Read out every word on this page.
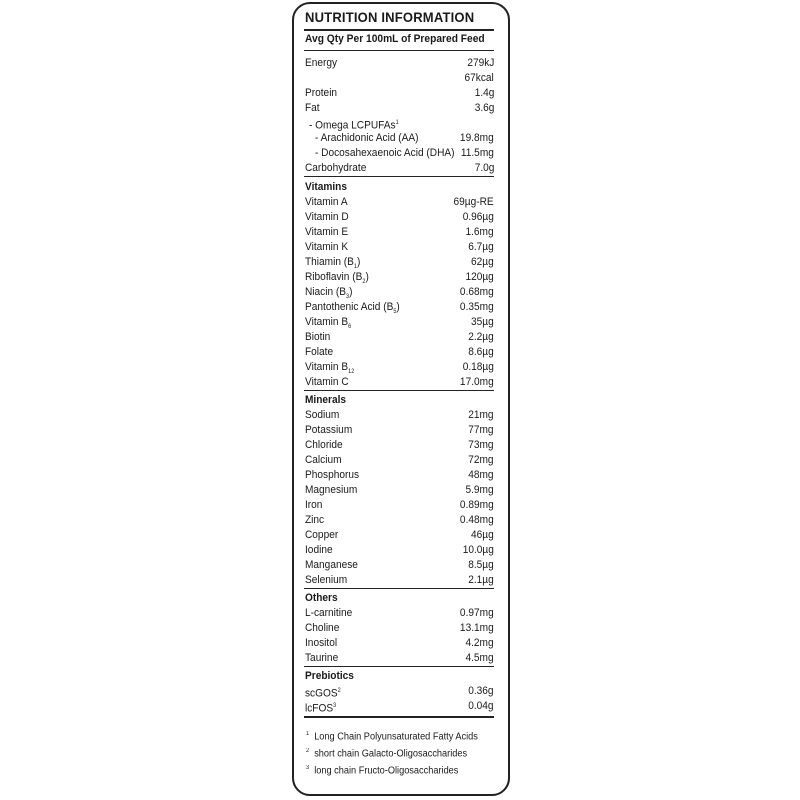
NUTRITION INFORMATION
Avg Qty Per 100mL of Prepared Feed
Energy	279kJ
67kcal
Protein	1.4g
Fat	3.6g
- Omega LCPUFAs$^1$
- Arachidonic Acid (AA)	19.8mg
- Docosahexaenoic Acid (DHA) 11.5mg
Carbohydrate	7.0g
Vitamins
Vitamin A	69µg-RE
Vitamin D	0.96µg
Vitamin E	1.6mg
Vitamin K	6.7µg
Thiamin $(B_1)$	62µg
Riboflavin $(B_2)$	120µg
Niacin $(B_3)$	0.68mg
Pantothenic Acid $(B_5)$	0.35mg
Vitamin $B_6$	35µg
Biotin	2.2µg
Folate	8.6µg
Vitamin $B_{12}$	0.18µg
Vitamin C	17.0mg
Minerals
Sodium	21mg
Potassium	77mg
Chloride	73mg
Calcium	72mg
Phosphorus	48mg
Magnesium	5.9mg
Iron	0.89mg
Zinc	0.48mg
Copper	46µg
Iodine	10.0µg
Manganese	8.5µg
Selenium	2.1µg
Others
L-carnitine	0.97mg
Choline	13.1mg
Inositol	4.2mg
Taurine	4.5mg
Prebiotics
scGOS$^2$	0.36g
lcFOS$^3$	0.04g
$^1$ Long Chain Polyunsaturated Fatty Acids
$^2$ short chain Galacto-Oligosaccharides
$^3$ long chain Fructo-Oligosaccharides
